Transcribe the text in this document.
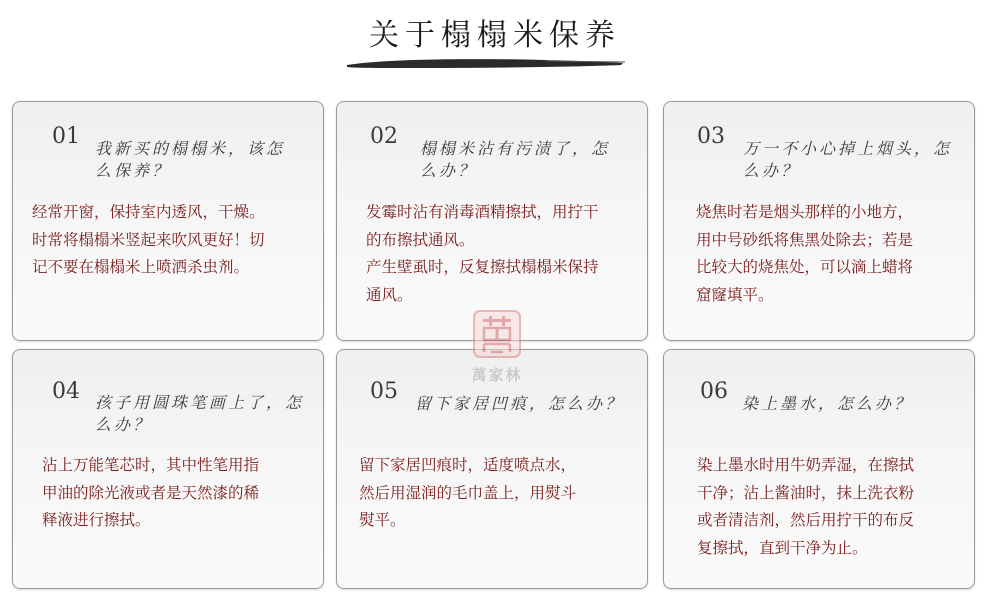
关于榻榻米保养
01 我新买的榻榻米，该怎么保养？
经常开窗，保持室内透风，干燥。
时常将榻榻米竖起来吹风更好！切
记不要在榻榻米上喷洒杀虫剂。
02 榻榻米沾有污渍了，怎么办？
发霉时沾有消毒酒精擦拭，用拧干
的布擦拭通风。
产生壁虱时，反复擦拭榻榻米保持
通风。
03 万一不小心掉上烟头，怎么办？
烧焦时若是烟头那样的小地方，
用中号砂纸将焦黑处除去；若是
比较大的烧焦处，可以滴上蜡将
窟窿填平。
04 孩子用圆珠笔画上了，怎么办？
沾上万能笔芯时，其中性笔用指
甲油的除光液或者是天然漆的稀
释液进行擦拭。
05 留下家居凹痕，怎么办？
留下家居凹痕时，适度喷点水，
然后用湿润的毛巾盖上，用熨斗
熨平。
06 染上墨水，怎么办？
染上墨水时用牛奶弄湿，在擦拭
干净；沾上酱油时，抹上洗衣粉
或者清洁剂，然后用拧干的布反
复擦拭，直到干净为止。
萬家林
